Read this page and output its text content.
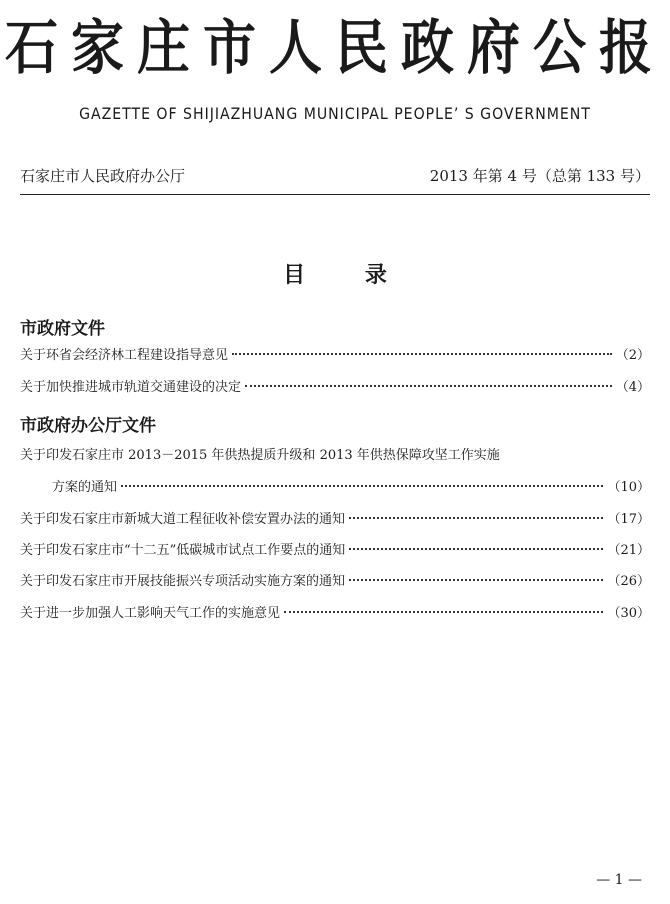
石家庄市人民政府公报
GAZETTE OF SHIJIAZHUANG MUNICIPAL PEOPLE’ S GOVERNMENT
石家庄市人民政府办公厅	2013 年第 4 号（总第 133 号）
目 录
市政府文件
关于环省会经济林工程建设指导意见	（2）
关于加快推进城市轨道交通建设的决定	（4）
市政府办公厅文件
关于印发石家庄市 2013－2015 年供热提质升级和 2013 年供热保障攻坚工作实施
方案的通知	（10）
关于印发石家庄市新城大道工程征收补偿安置办法的通知	（17）
关于印发石家庄市“十二五”低碳城市试点工作要点的通知	（21）
关于印发石家庄市开展技能振兴专项活动实施方案的通知	（26）
关于进一步加强人工影响天气工作的实施意见	（30）
— 1 —
